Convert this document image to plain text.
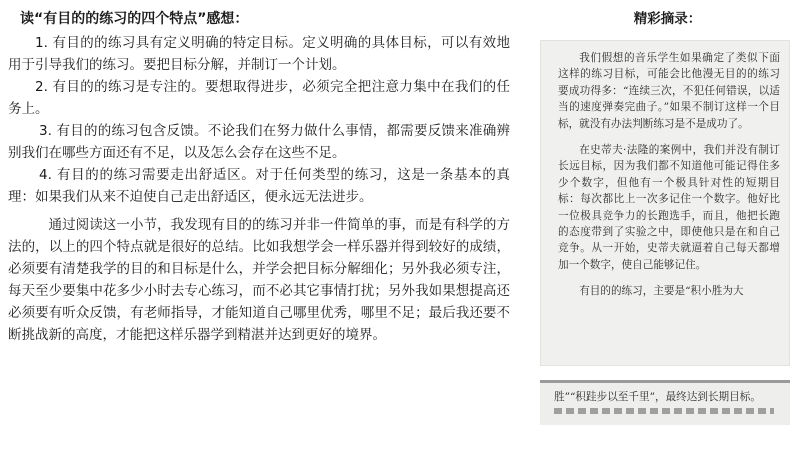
读“有目的的练习的四个特点”感想：

1. 有目的的练习具有定义明确的特定目标。定义明确的具体目标，可以有效地用于引导我们的练习。要把目标分解，并制订一个计划。

2. 有目的的练习是专注的。要想取得进步，必须完全把注意力集中在我们的任务上。

3. 有目的的练习包含反馈。不论我们在努力做什么事情，都需要反馈来准确辨别我们在哪些方面还有不足，以及怎么会存在这些不足。

4. 有目的的练习需要走出舒适区。对于任何类型的练习，这是一条基本的真 理：如果我们从来不迫使自己走出舒适区，便永远无法进步。

通过阅读这一小节，我发现有目的的练习并非一件简单的事，而是有科学的方法的，以上的四个特点就是很好的总结。比如我想学会一样乐器并得到较好的成绩，必须要有清楚我学的目的和目标是什么，并学会把目标分解细化；另外我必须专注，每天至少要集中花多少小时去专心练习，而不必其它事情打扰；另外我如果想提高还必须要有听众反馈，有老师指导，才能知道自己哪里优秀，哪里不足；最后我还要不断挑战新的高度，才能把这样乐器学到精湛并达到更好的境界。

精彩摘录：

我们假想的音乐学生如果确定了类似下面这样的练习目标，可能会比他漫无目的的练习要成功得多：“连续三次，不犯任何错误，以适当的速度弹奏完曲子。”如果不制订这样一个目标，就没有办法判断练习是不是成功了。

在史蒂夫·法隆的案例中，我们并没有制订长远目标，因为我们都不知道他可能记得住多少个数字，但他有一个极具针对性的短期目标：每次都比上一次多记住一个数字。他好比一位极具竞争力的长跑选手，而且，他把长跑的态度带到了实验之中，即使他只是在和自己竞争。从一开始，史蒂夫就逼着自己每天都增加一个数字，使自己能够记住。

有目的的练习，主要是“积小胜为大

胜”“积跬步以至千里”，最终达到长期目标。
